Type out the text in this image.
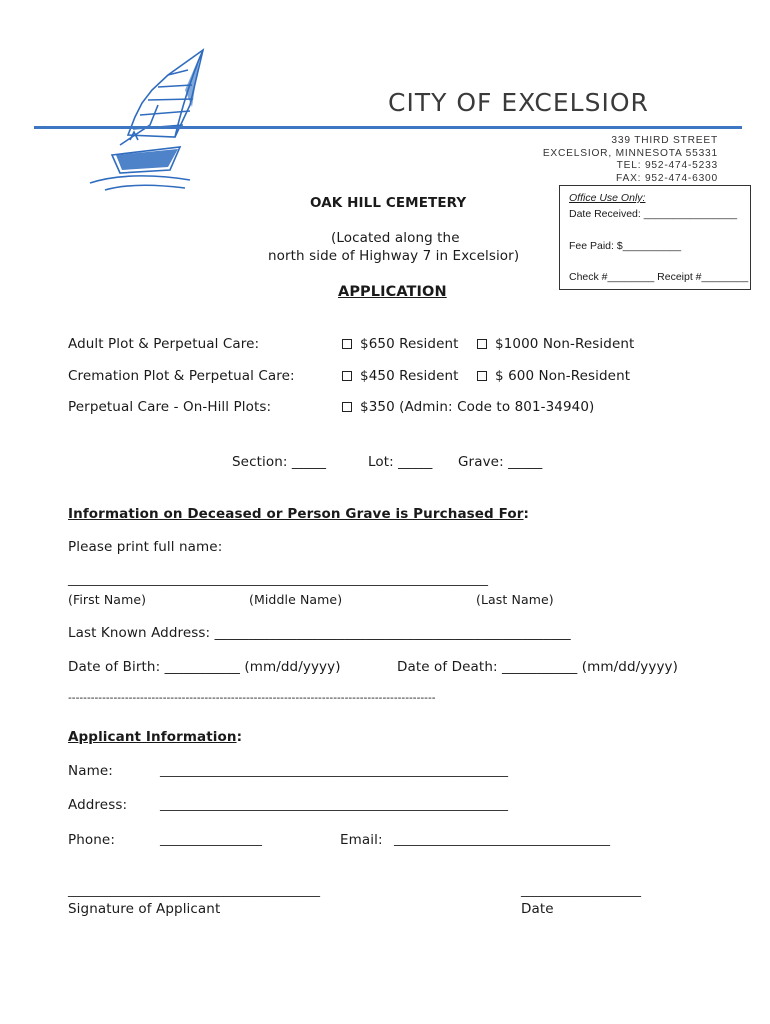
CITY OF EXCELSIOR
339 THIRD STREET
EXCELSIOR, MINNESOTA 55331
TEL: 952-474-5233
FAX: 952-474-6300
Office Use Only:
Date Received: ________________
Fee Paid: $__________
Check #________ Receipt #________
OAK HILL CEMETERY
(Located along the
north side of Highway 7 in Excelsior)
APPLICATION
Adult Plot & Perpetual Care:	$650 Resident	$1000 Non-Resident
Cremation Plot & Perpetual Care:	$450 Resident	$ 600 Non-Resident
Perpetual Care - On-Hill Plots:	$350 (Admin: Code to 801-34940)
Section: _____	Lot: _____ Grave: _____
Information on Deceased or Person Grave is Purchased For:
Please print full name:
______________________________________________________________________
(First Name)	(Middle Name)	(Last Name)
Last Known Address: ____________________________________________________
Date of Birth: ___________ (mm/dd/yyyy)	Date of Death: ___________ (mm/dd/yyyy)
-------------------------------------------------------------------------------------------------
Applicant Information:
Name:	__________________________________________________________
Address:	__________________________________________________________
Phone:	_________________	Email: ____________________________________
__________________________________________
Signature of Applicant
____________________
Date
